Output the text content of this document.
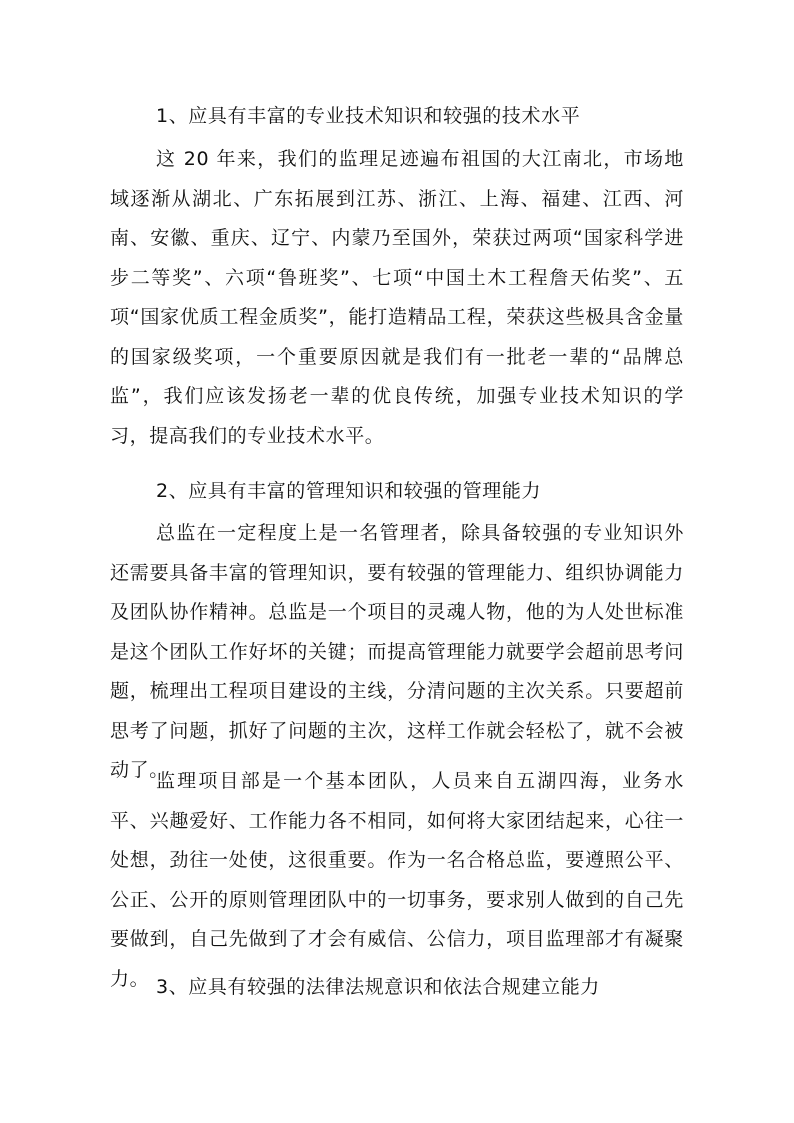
1、应具有丰富的专业技术知识和较强的技术水平
这 20 年来，我们的监理足迹遍布祖国的大江南北，市场地域逐渐从湖北、广东拓展到江苏、浙江、上海、福建、江西、河南、安徽、重庆、辽宁、内蒙乃至国外，荣获过两项“国家科学进步二等奖”、六项“鲁班奖”、七项“中国土木工程詹天佑奖”、五项“国家优质工程金质奖”，能打造精品工程，荣获这些极具含金量的国家级奖项，一个重要原因就是我们有一批老一辈的“品牌总监”，我们应该发扬老一辈的优良传统，加强专业技术知识的学习，提高我们的专业技术水平。
2、应具有丰富的管理知识和较强的管理能力
总监在一定程度上是一名管理者，除具备较强的专业知识外还需要具备丰富的管理知识，要有较强的管理能力、组织协调能力及团队协作精神。总监是一个项目的灵魂人物，他的为人处世标准是这个团队工作好坏的关键；而提高管理能力就要学会超前思考问题，梳理出工程项目建设的主线，分清问题的主次关系。只要超前思考了问题，抓好了问题的主次，这样工作就会轻松了，就不会被动了。
监理项目部是一个基本团队，人员来自五湖四海，业务水平、兴趣爱好、工作能力各不相同，如何将大家团结起来，心往一处想，劲往一处使，这很重要。作为一名合格总监，要遵照公平、公正、公开的原则管理团队中的一切事务，要求别人做到的自己先要做到，自己先做到了才会有威信、公信力，项目监理部才有凝聚力。 3、应具有较强的法律法规意识和依法合规建立能力
